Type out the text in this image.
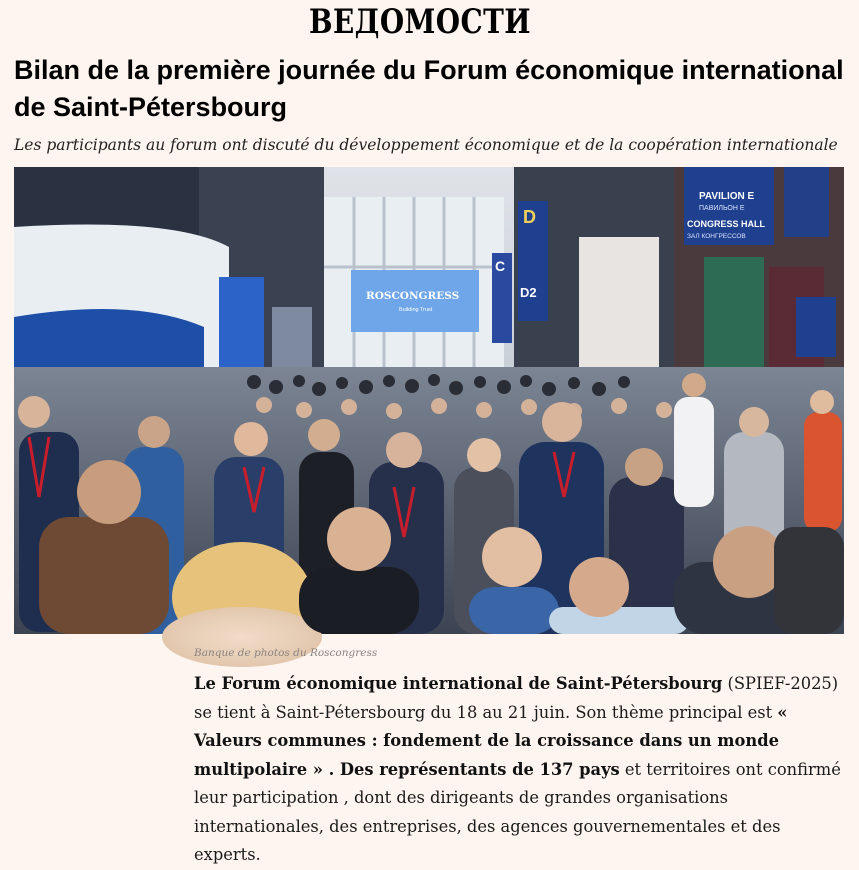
ВЕДОМОСТИ
Bilan de la première journée du Forum économique international de Saint-Pétersbourg
Les participants au forum ont discuté du développement économique et de la coopération internationale
PAVILION E
ПАВИЛЬОН Е
CONGRESS HALL
ЗАЛ КОНГРЕССОВ
ROSCONGRESS
Building Trust
D
D2
C
Banque de photos du Roscongress

Le Forum économique international de Saint-Pétersbourg (SPIEF-2025) se tient à Saint-Pétersbourg du 18 au 21 juin. Son thème principal est « Valeurs communes : fondement de la croissance dans un monde multipolaire » . Des représentants de 137 pays et territoires ont confirmé leur participation , dont des dirigeants de grandes organisations internationales, des entreprises, des agences gouvernementales et des experts.
